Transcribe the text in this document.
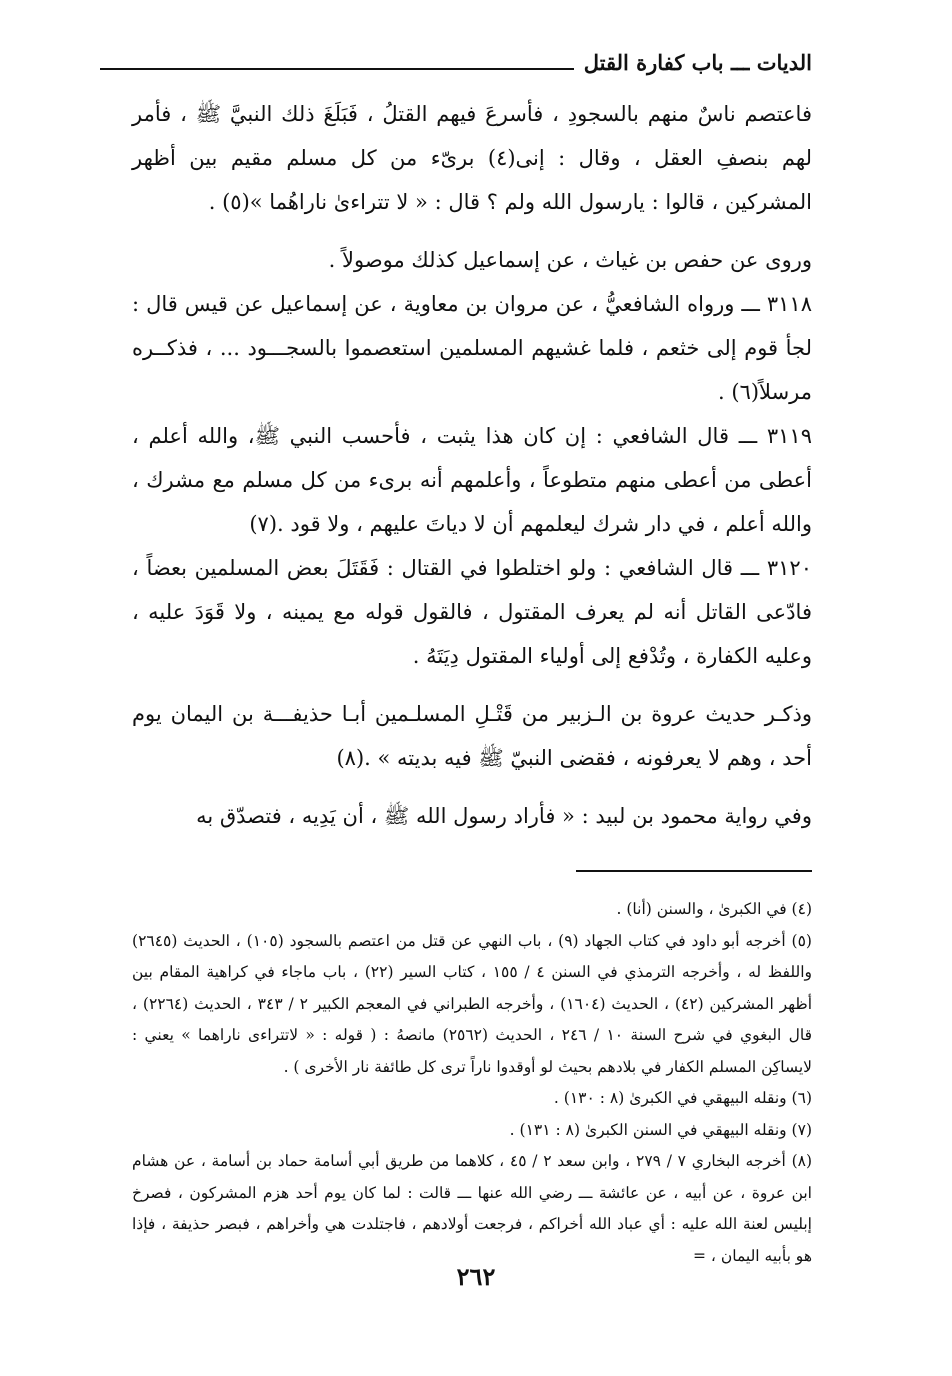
الديات ـــ باب كفارة القتل

فاعتصم ناسٌ منهم بالسجودِ ، فأسرعَ فيهم القتلُ ، فَبَلَغَ ذلك النبيَّ ﷺ ، فأمر لهم بنصفِ العقل ، وقال : إنى(٤) برىّء من كل مسلم مقيم بين أظهر المشركين ، قالوا : يارسول الله ولم ؟ قال : « لا تتراءىٰ ناراهُما »(٥) .

وروى عن حفص بن غياث ، عن إسماعيل كذلك موصولاً .

٣١١٨ ـــ ورواه الشافعيُّ ، عن مروان بن معاوية ، عن إسماعيل عن قيس قال : لجأ قوم إلى خثعم ، فلما غشيهم المسلمين استعصموا بالسجـــود ... ، فذكــره مرسلاً(٦) .

٣١١٩ ـــ قال الشافعي : إن كان هذا يثبت ، فأحسب النبي ﷺ، والله أعلم ، أعطى من أعطى منهم متطوعاً ، وأعلمهم أنه برىء من كل مسلم مع مشرك ، والله أعلم ، في دار شرك ليعلمهم أن لا دياتَ عليهم ، ولا قود .(٧)

٣١٢٠ ـــ قال الشافعي : ولو اختلطوا في القتال : فَقَتَلَ بعض المسلمين بعضاً ، فادّعى القاتل أنه لم يعرف المقتول ، فالقول قوله مع يمينه ، ولا قَوَدَ عليه ، وعليه الكفارة ، وتُدْفع إلى أولياء المقتول دِيَتَهُ .

وذكـر حديث عروة بن الـزبير من قَتْـلِ المسلـمين أبـا حذيفـــة بن اليمان يوم أحد ، وهم لا يعرفونه ، فقضى النبيّ ﷺ فيه بديته » .(٨)

وفي رواية محمود بن لبيد : « فأراد رسول الله ﷺ ، أن يَدِيه ، فتصدّق به

(٤) في الكبرىٰ ، والسنن (أنا) .

(٥) أخرجه أبو داود في كتاب الجهاد (٩) ، باب النهي عن قتل من اعتصم بالسجود (١٠٥) ، الحديث (٢٦٤٥) واللفظ له ، وأخرجه الترمذي في السنن ٤ / ١٥٥ ، كتاب السير (٢٢) ، باب ماجاء في كراهية المقام بين أظهر المشركين (٤٢) ، الحديث (١٦٠٤) ، وأخرجه الطبراني في المعجم الكبير ٢ / ٣٤٣ ، الحديث (٢٢٦٤) ، قال البغوي في شرح السنة ١٠ / ٢٤٦ ، الحديث (٢٥٦٢) مانصهُ : ( قوله : « لاتتراءى ناراهما » يعني : لايساكِن المسلم الكفار في بلادهم بحيث لو أوقدوا ناراً ترى كل طائفة نار الأخرى ) .

(٦) ونقله البيهقي في الكبرىٰ (٨ : ١٣٠) .

(٧) ونقله البيهقي في السنن الكبرىٰ (٨ : ١٣١) .

(٨) أخرجه البخاري ٧ / ٢٧٩ ، وابن سعد ٢ / ٤٥ ، كلاهما من طريق أبي أسامة حماد بن أسامة ، عن هشام ابن عروة ، عن أبيه ، عن عائشة ـــ رضي الله عنها ـــ قالت : لما كان يوم أحد هزم المشركون ، فصرخ إبليس لعنة الله عليه : أي عباد الله أخراكم ، فرجعت أولادهم ، فاجتلدت هي وأخراهم ، فبصر حذيفة ، فإذا هو بأبيه اليمان ، =

٢٦٢
